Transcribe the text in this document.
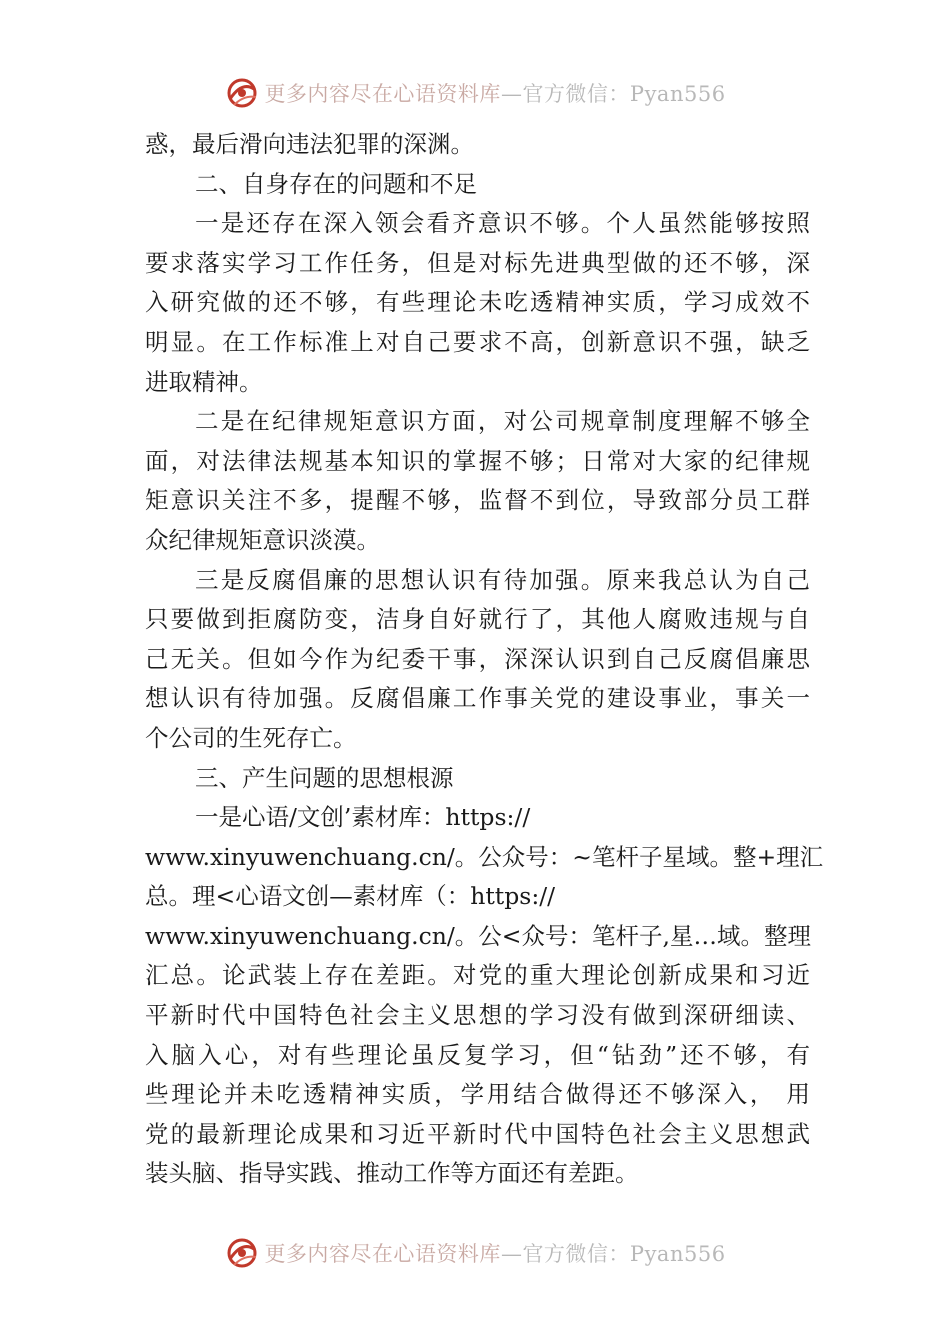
更多内容尽在心语资料库—官方微信：Pyan556
惑，最后滑向违法犯罪的深渊。
二、自身存在的问题和不足
一是还存在深入领会看齐意识不够。个人虽然能够按照
要求落实学习工作任务，但是对标先进典型做的还不够，深
入研究做的还不够，有些理论未吃透精神实质，学习成效不
明显。在工作标准上对自己要求不高，创新意识不强，缺乏
进取精神。
二是在纪律规矩意识方面，对公司规章制度理解不够全
面，对法律法规基本知识的掌握不够；日常对大家的纪律规
矩意识关注不多，提醒不够，监督不到位，导致部分员工群
众纪律规矩意识淡漠。
三是反腐倡廉的思想认识有待加强。原来我总认为自己
只要做到拒腐防变，洁身自好就行了，其他人腐败违规与自
己无关。但如今作为纪委干事，深深认识到自己反腐倡廉思
想认识有待加强。反腐倡廉工作事关党的建设事业，事关一
个公司的生死存亡。
三、产生问题的思想根源
一是心语/文创’素材库：https://
www.xinyuwenchuang.cn/。公众号：~笔杆子星域。整+理汇
总。理<心语文创—素材库（：https://
www.xinyuwenchuang.cn/。公<众号：笔杆子,星…域。整理
汇总。论武装上存在差距。对党的重大理论创新成果和习近
平新时代中国特色社会主义思想的学习没有做到深研细读、
入脑入心，对有些理论虽反复学习，但“钻劲”还不够，有
些理论并未吃透精神实质，学用结合做得还不够深入， 用
党的最新理论成果和习近平新时代中国特色社会主义思想武
装头脑、指导实践、推动工作等方面还有差距。
更多内容尽在心语资料库—官方微信：Pyan556
